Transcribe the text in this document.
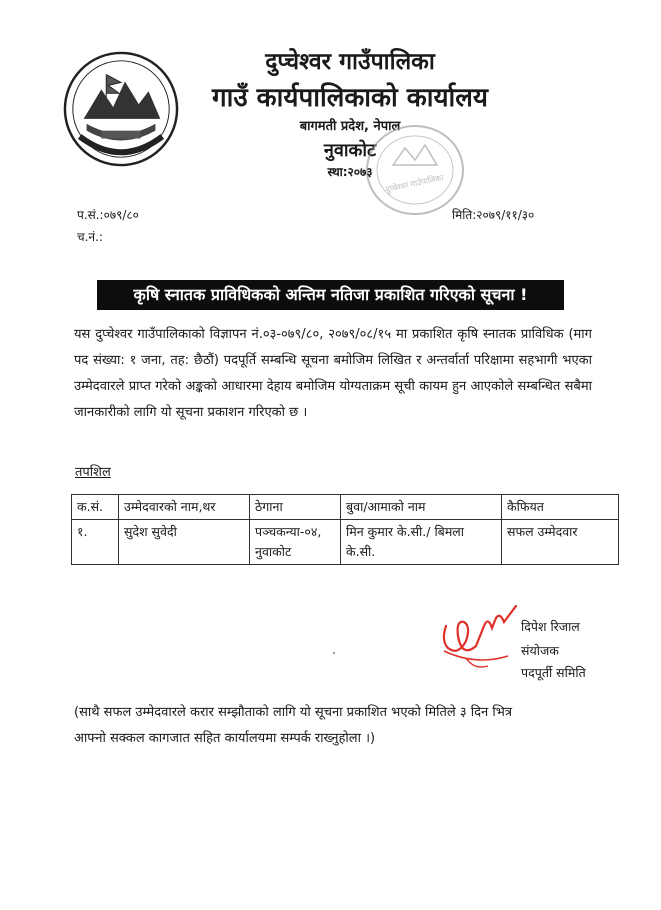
दुप्चेश्वर गाउँपालिका
गाउँ कार्यपालिकाको कार्यालय
बागमती प्रदेश, नेपाल
नुवाकोट
स्था:२०७३
दुप्चेश्वर गाउँपालिका
प.सं.:०७९/८०
च.नं.:
मिति:२०७९/११/३०
कृषि स्नातक प्राविधिकको अन्तिम नतिजा प्रकाशित गरिएको सूचना !
यस दुप्चेश्वर गाउँपालिकाको विज्ञापन नं.०३-०७९/८०, २०७९/०८/१५ मा प्रकाशित कृषि स्नातक प्राविधिक (माग पद संख्या: १ जना, तह: छैठौं) पदपूर्ति सम्बन्धि सूचना बमोजिम लिखित र अन्तर्वार्ता परिक्षामा सहभागी भएका उम्मेदवारले प्राप्त गरेको अङ्कको आधारमा देहाय बमोजिम योग्यताक्रम सूची कायम हुन आएकोले सम्बन्धित सबैमा जानकारीको लागि यो सूचना प्रकाशन गरिएको छ ।
तपशिल
क.सं.	उम्मेदवारको नाम,थर	ठेगाना	बुवा/आमाको नाम	कैफियत
१.	सुदेश सुवेदी	पञ्चकन्या-०४, नुवाकोट	मिन कुमार के.सी./ बिमला के.सी.	सफल उम्मेदवार
दिपेश रिजाल
संयोजक
पदपूर्ती समिति
(साथै सफल उम्मेदवारले करार सम्झौताको लागि यो सूचना प्रकाशित भएको मितिले ३ दिन भित्र
आफ्नो सक्कल कागजात सहित कार्यालयमा सम्पर्क राख्नुहोला ।)
